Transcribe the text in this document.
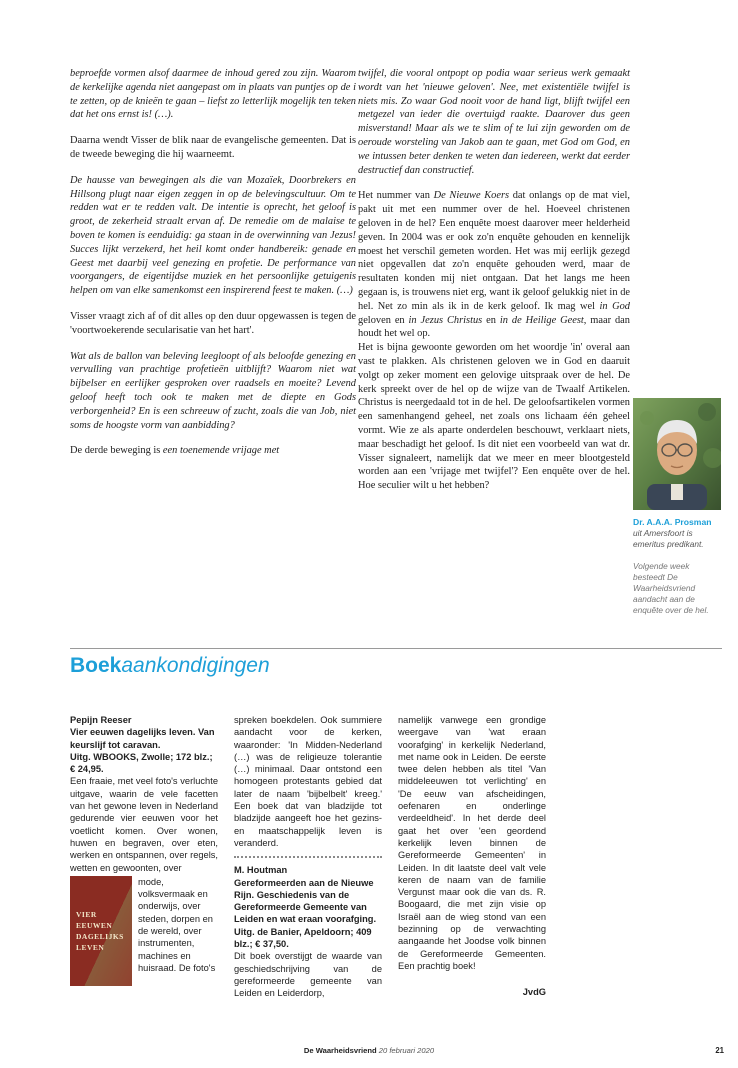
beproefde vormen alsof daarmee de inhoud gered zou zijn. Waarom de kerkelijke agenda niet aangepast om in plaats van puntjes op de i te zetten, op de knieën te gaan – liefst zo letterlijk mogelijk ten teken dat het ons ernst is! (…).

Daarna wendt Visser de blik naar de evangelische gemeenten. Dat is de tweede beweging die hij waarneemt.

De hausse van bewegingen als die van Mozaïek, Doorbrekers en Hillsong plugt naar eigen zeggen in op de belevingscultuur. Om te redden wat er te redden valt. De intentie is oprecht, het geloof is groot, de zekerheid straalt ervan af. De remedie om de malaise te boven te komen is eenduidig: ga staan in de overwinning van Jezus! Succes lijkt verzekerd, het heil komt onder handbereik: genade en Geest met daarbij veel genezing en profetie. De performance van voorgangers, de eigentijdse muziek en het persoonlijke getuigenis helpen om van elke samenkomst een inspirerend feest te maken. (…)

Visser vraagt zich af of dit alles op den duur opgewassen is tegen de 'voortwoekerende secularisatie van het hart'.

Wat als de ballon van beleving leegloopt of als beloofde genezing en vervulling van prachtige profetieën uitblijft? Waarom niet wat bijbelser en eerlijker gesproken over raadsels en moeite? Levend geloof heeft toch ook te maken met de diepte en Gods verborgenheid? En is een schreeuw of zucht, zoals die van Job, niet soms de hoogste vorm van aanbidding?

De derde beweging is een toenemende vrijage met

twijfel, die vooral ontpopt op podia waar serieus werk gemaakt wordt van het 'nieuwe geloven'. Nee, met existentiële twijfel is niets mis. Zo waar God nooit voor de hand ligt, blijft twijfel een metgezel van ieder die overtuigd raakte. Daarover dus geen misverstand! Maar als we te slim of te lui zijn geworden om de oeroude worsteling van Jakob aan te gaan, met God om God, en we intussen beter denken te weten dan iedereen, werkt dat eerder destructief dan constructief.

Het nummer van De Nieuwe Koers dat onlangs op de mat viel, pakt uit met een nummer over de hel. Hoeveel christenen geloven in de hel? Een enquête moest daarover meer helderheid geven. In 2004 was er ook zo'n enquête gehouden en kennelijk moest het verschil gemeten worden. Het was mij eerlijk gezegd niet opgevallen dat zo'n enquête gehouden werd, maar de resultaten konden mij niet ontgaan. Dat het langs me heen gegaan is, is trouwens niet erg, want ik geloof gelukkig niet in de hel. Net zo min als ik in de kerk geloof. Ik mag wel in God geloven en in Jezus Christus en in de Heilige Geest, maar dan houdt het wel op.

Het is bijna gewoonte geworden om het woordje 'in' overal aan vast te plakken. Als christenen geloven we in God en daaruit volgt op zeker moment een gelovige uitspraak over de hel. De kerk spreekt over de hel op de wijze van de Twaalf Artikelen. Christus is neergedaald tot in de hel. De geloofsartikelen vormen een samenhangend geheel, net zoals ons lichaam één geheel vormt. Wie ze als aparte onderdelen beschouwt, verklaart niets, maar beschadigt het geloof. Is dit niet een voorbeeld van wat dr. Visser signaleert, namelijk dat we meer en meer blootgesteld worden aan een 'vrijage met twijfel'? Een enquête over de hel. Hoe seculier wilt u het hebben?

Dr. A.A.A. Prosman
uit Amersfoort is emeritus predikant.
Volgende week besteedt De Waarheidsvriend aandacht aan de enquête over de hel.
Boekaankondigingen
Pepijn Reeser
Vier eeuwen dagelijks leven. Van keurslijf tot caravan.
Uitg. WBOOKS, Zwolle; 172 blz.; € 24,95.
Een fraaie, met veel foto's verluchte uitgave, waarin de vele facetten van het gewone leven in Nederland gedurende vier eeuwen voor het voetlicht komen. Over wonen, huwen en begraven, over eten, werken en ontspannen, over regels, wetten en gewoonten, over
VIER
EEUWEN
DAGELIJKS
LEVEN
mode, volksvermaak en onderwijs, over steden, dorpen en de wereld, over instrumenten, machines en huisraad. De foto's
spreken boekdelen. Ook summiere aandacht voor de kerken, waaronder: 'In Midden-Nederland (…) was de religieuze tolerantie (…) minimaal. Daar ontstond een homogeen protestants gebied dat later de naam 'bijbelbelt' kreeg.' Een boek dat van bladzijde tot bladzijde aangeeft hoe het gezins- en maatschappelijk leven is veranderd.
M. Houtman
Gereformeerden aan de Nieuwe Rijn. Geschiedenis van de Gereformeerde Gemeente van Leiden en wat eraan voorafging.
Uitg. de Banier, Apeldoorn; 409 blz.; € 37,50.
Dit boek overstijgt de waarde van geschiedschrijving van de gereformeerde gemeente van Leiden en Leiderdorp,
namelijk vanwege een grondige weergave van 'wat eraan voorafging' in kerkelijk Nederland, met name ook in Leiden. De eerste twee delen hebben als titel 'Van middeleeuwen tot verlichting' en 'De eeuw van afscheidingen, oefenaren en onderlinge verdeeldheid'. In het derde deel gaat het over 'een geordend kerkelijk leven binnen de Gereformeerde Gemeenten' in Leiden. In dit laatste deel valt vele keren de naam van de familie Vergunst maar ook die van ds. R. Boogaard, die met zijn visie op Israël aan de wieg stond van een bezinning op de verwachting aangaande het Joodse volk binnen de Gereformeerde Gemeenten. Een prachtig boek!
JvdG
De Waarheidsvriend 20 februari 2020	21
